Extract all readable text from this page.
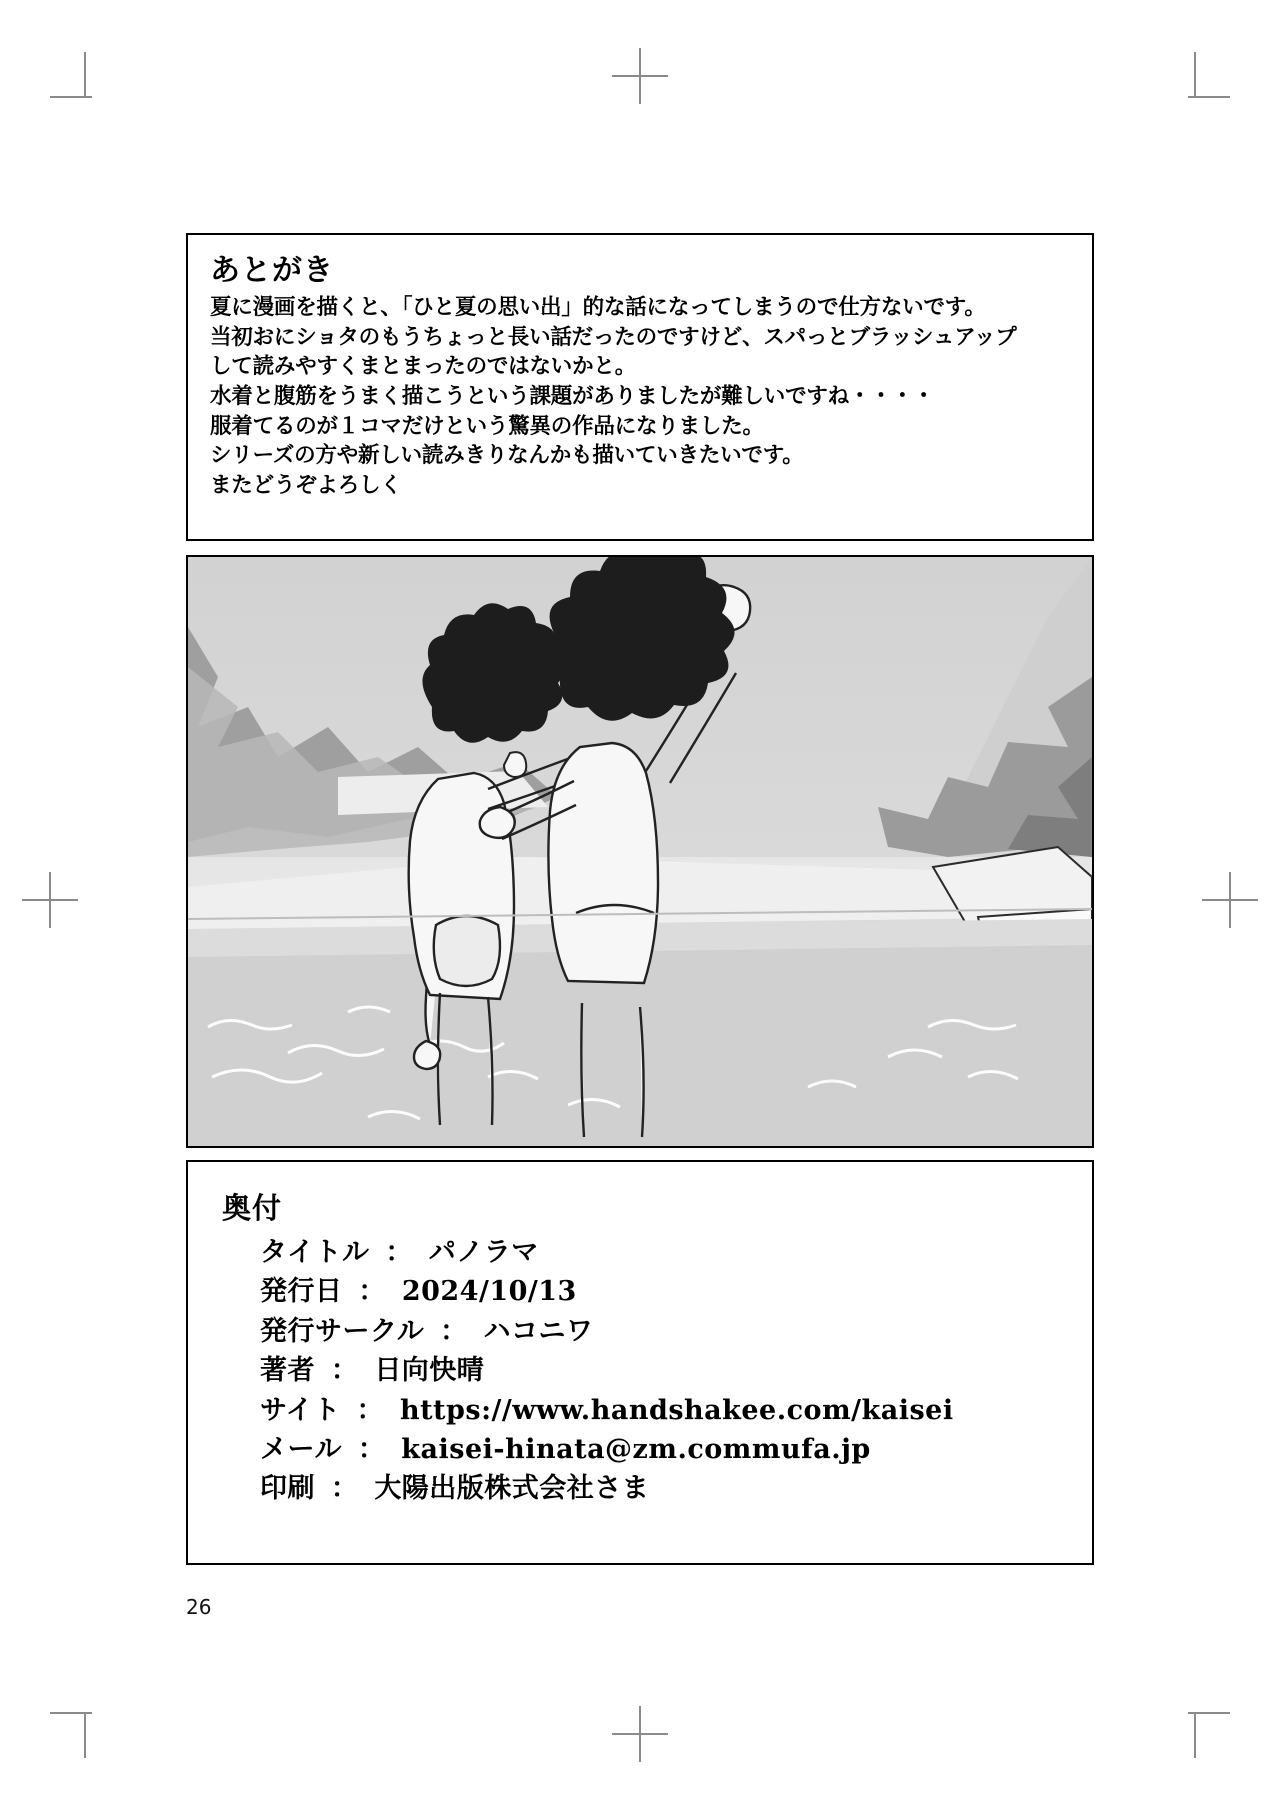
あとがき
夏に漫画を描くと、「ひと夏の思い出」的な話になってしまうので仕方ないです。
当初おにショタのもうちょっと長い話だったのですけど、スパっとブラッシュアップ
して読みやすくまとまったのではないかと。
水着と腹筋をうまく描こうという課題がありましたが難しいですね・・・・
服着てるのが１コマだけという驚異の作品になりました。
シリーズの方や新しい読みきりなんかも描いていきたいです。
またどうぞよろしく
奥付
タイトル ： パノラマ
発行日 ： 2024/10/13
発行サークル ： ハコニワ
著者 ： 日向快晴
サイト ： https://www.handshakee.com/kaisei
メール ： kaisei-hinata@zm.commufa.jp
印刷 ： 大陽出版株式会社さま
26
